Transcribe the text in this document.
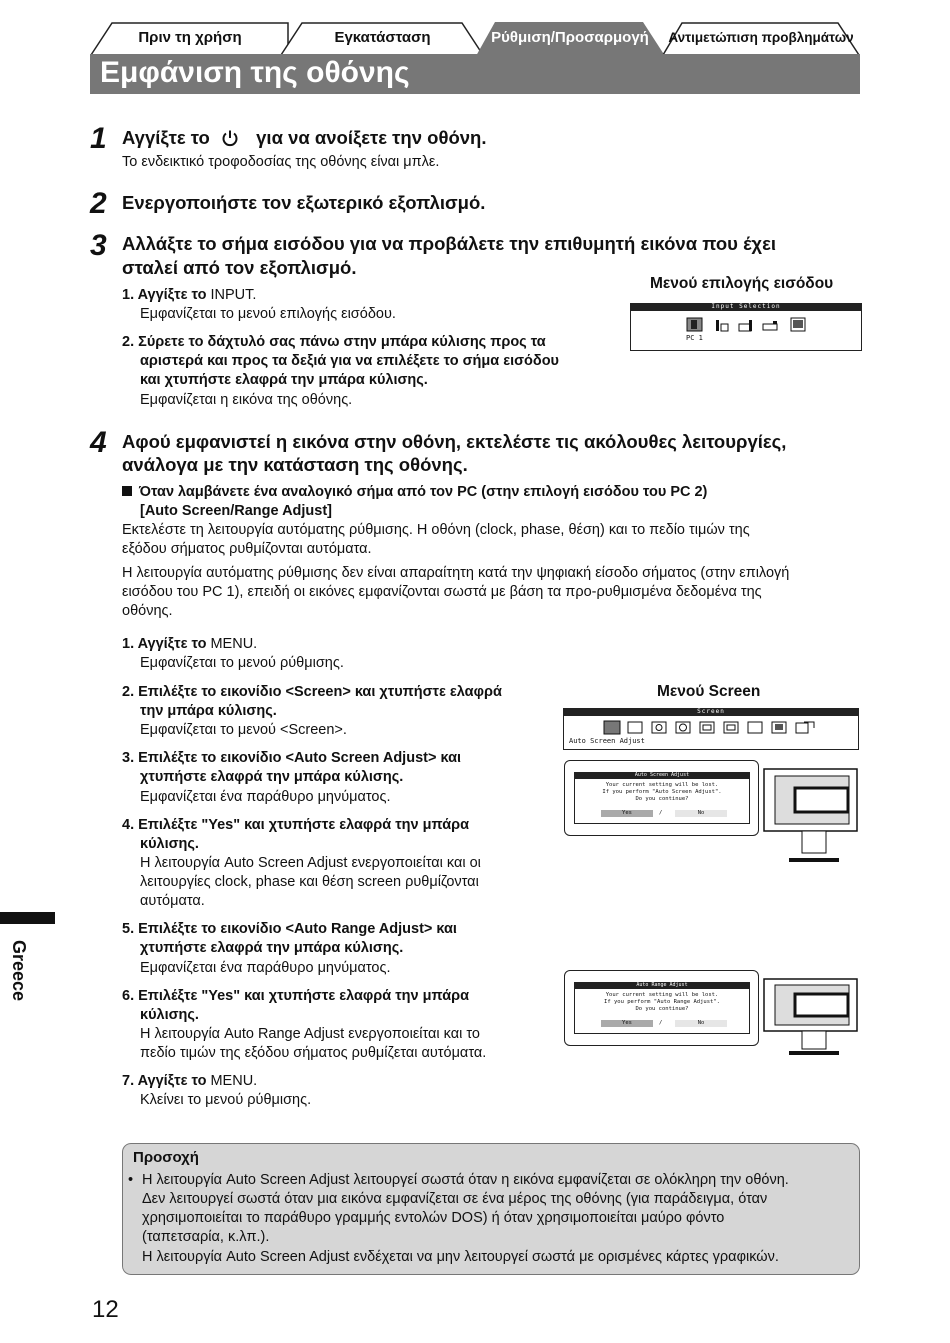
Πριν τη χρήση	Εγκατάσταση	Ρύθμιση/Προσαρμογή	Αντιμετώπιση προβλημάτων
Εμφάνιση της οθόνης
1 Αγγίξτε το	για να ανοίξετε την οθόνη.
Το ενδεικτικό τροφοδοσίας της οθόνης είναι μπλε.
2 Ενεργοποιήστε τον εξωτερικό εξοπλισμό.
3 Αλλάξτε το σήμα εισόδου για να προβάλετε την επιθυμητή εικόνα που έχει
σταλεί από τον εξοπλισμό.
1. Αγγίξτε το INPUT.
Εμφανίζεται το μενού επιλογής εισόδου.
2. Σύρετε το δάχτυλό σας πάνω στην μπάρα κύλισης προς τα
αριστερά και προς τα δεξιά για να επιλέξετε το σήμα εισόδου
και χτυπήστε ελαφρά την μπάρα κύλισης.
Εμφανίζεται η εικόνα της οθόνης.
Μενού επιλογής εισόδου
Input Selection
PC 1
4 Αφού εμφανιστεί η εικόνα στην οθόνη, εκτελέστε τις ακόλουθες λειτουργίες,
ανάλογα με την κατάσταση της οθόνης.
Όταν λαμβάνετε ένα αναλογικό σήμα από τον PC (στην επιλογή εισόδου του PC 2)
[Auto Screen/Range Adjust]
Εκτελέστε τη λειτουργία αυτόματης ρύθμισης. Η οθόνη (clock, phase, θέση) και το πεδίο τιμών της
εξόδου σήματος ρυθμίζονται αυτόματα.
Η λειτουργία αυτόματης ρύθμισης δεν είναι απαραίτητη κατά την ψηφιακή είσοδο σήματος (στην επιλογή
εισόδου του PC 1), επειδή οι εικόνες εμφανίζονται σωστά με βάση τα προ-ρυθμισμένα δεδομένα της
οθόνης.
1. Αγγίξτε το MENU.
Εμφανίζεται το μενού ρύθμισης.
2. Επιλέξτε το εικονίδιο <Screen> και χτυπήστε ελαφρά
την μπάρα κύλισης.
Εμφανίζεται το μενού <Screen>.
3. Επιλέξτε το εικονίδιο <Auto Screen Adjust> και
χτυπήστε ελαφρά την μπάρα κύλισης.
Εμφανίζεται ένα παράθυρο μηνύματος.
4. Επιλέξτε "Yes" και χτυπήστε ελαφρά την μπάρα
κύλισης.
Η λειτουργία Auto Screen Adjust ενεργοποιείται και οι
λειτουργίες clock, phase και θέση screen ρυθμίζονται
αυτόματα.
5. Επιλέξτε το εικονίδιο <Auto Range Adjust> και
χτυπήστε ελαφρά την μπάρα κύλισης.
Εμφανίζεται ένα παράθυρο μηνύματος.
6. Επιλέξτε "Yes" και χτυπήστε ελαφρά την μπάρα
κύλισης.
Η λειτουργία Auto Range Adjust ενεργοποιείται και το
πεδίο τιμών της εξόδου σήματος ρυθμίζεται αυτόματα.
7. Αγγίξτε το MENU.
Κλείνει το μενού ρύθμισης.
Μενού Screen
Screen
Auto Screen Adjust
Auto Screen Adjust
Your current setting will be lost.
If you perform "Auto Screen Adjust".
Do you continue?
Yes	/	No
Auto Range Adjust
Your current setting will be lost.
If you perform "Auto Range Adjust".
Do you continue?
Yes	/	No
Greece
Προσοχή
• Η λειτουργία Auto Screen Adjust λειτουργεί σωστά όταν η εικόνα εμφανίζεται σε ολόκληρη την οθόνη.
Δεν λειτουργεί σωστά όταν μια εικόνα εμφανίζεται σε ένα μέρος της οθόνης (για παράδειγμα, όταν
χρησιμοποιείται το παράθυρο γραμμής εντολών DOS) ή όταν χρησιμοποιείται μαύρο φόντο
(ταπετσαρία, κ.λπ.).
Η λειτουργία Auto Screen Adjust ενδέχεται να μην λειτουργεί σωστά με ορισμένες κάρτες γραφικών.
12
